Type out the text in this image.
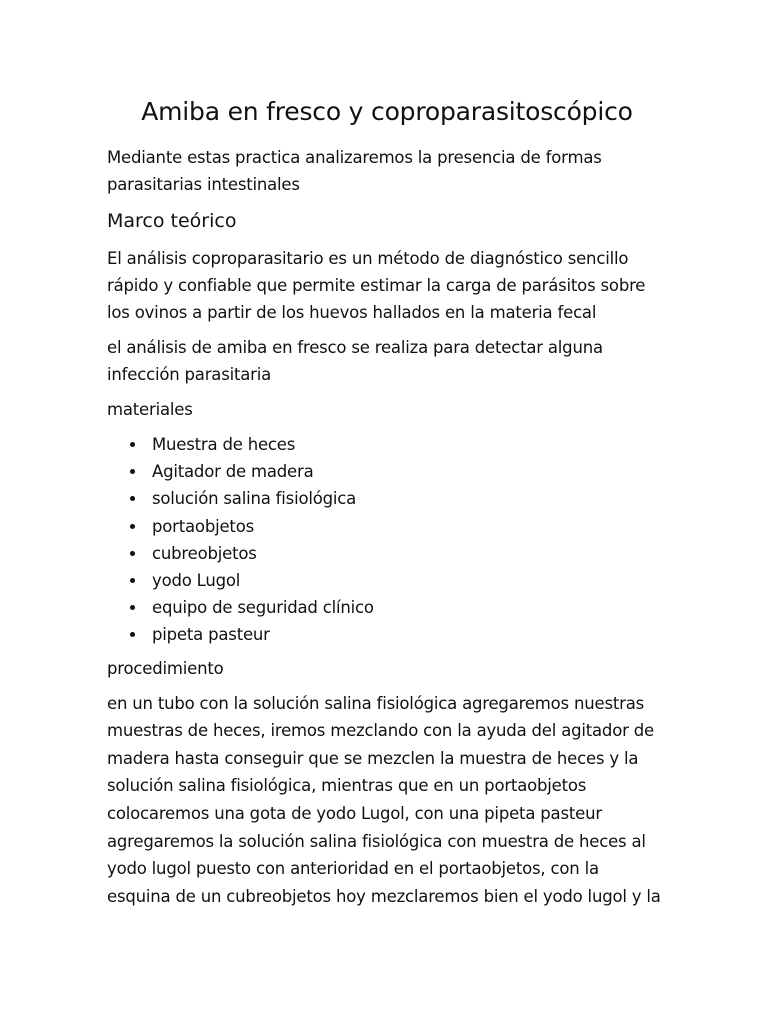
Amiba en fresco y coproparasitoscópico

Mediante estas practica analizaremos la presencia de formas
parasitarias intestinales

Marco teórico

El análisis coproparasitario es un método de diagnóstico sencillo
rápido y confiable que permite estimar la carga de parásitos sobre
los ovinos a partir de los huevos hallados en la materia fecal

el análisis de amiba en fresco se realiza para detectar alguna
infección parasitaria

materiales

Muestra de heces
Agitador de madera
solución salina fisiológica
portaobjetos
cubreobjetos
yodo Lugol
equipo de seguridad clínico
pipeta pasteur

procedimiento

en un tubo con la solución salina fisiológica agregaremos nuestras
muestras de heces, iremos mezclando con la ayuda del agitador de
madera hasta conseguir que se mezclen la muestra de heces y la
solución salina fisiológica, mientras que en un portaobjetos
colocaremos una gota de yodo Lugol, con una pipeta pasteur
agregaremos la solución salina fisiológica con muestra de heces al
yodo lugol puesto con anterioridad en el portaobjetos, con la
esquina de un cubreobjetos hoy mezclaremos bien el yodo lugol y la
